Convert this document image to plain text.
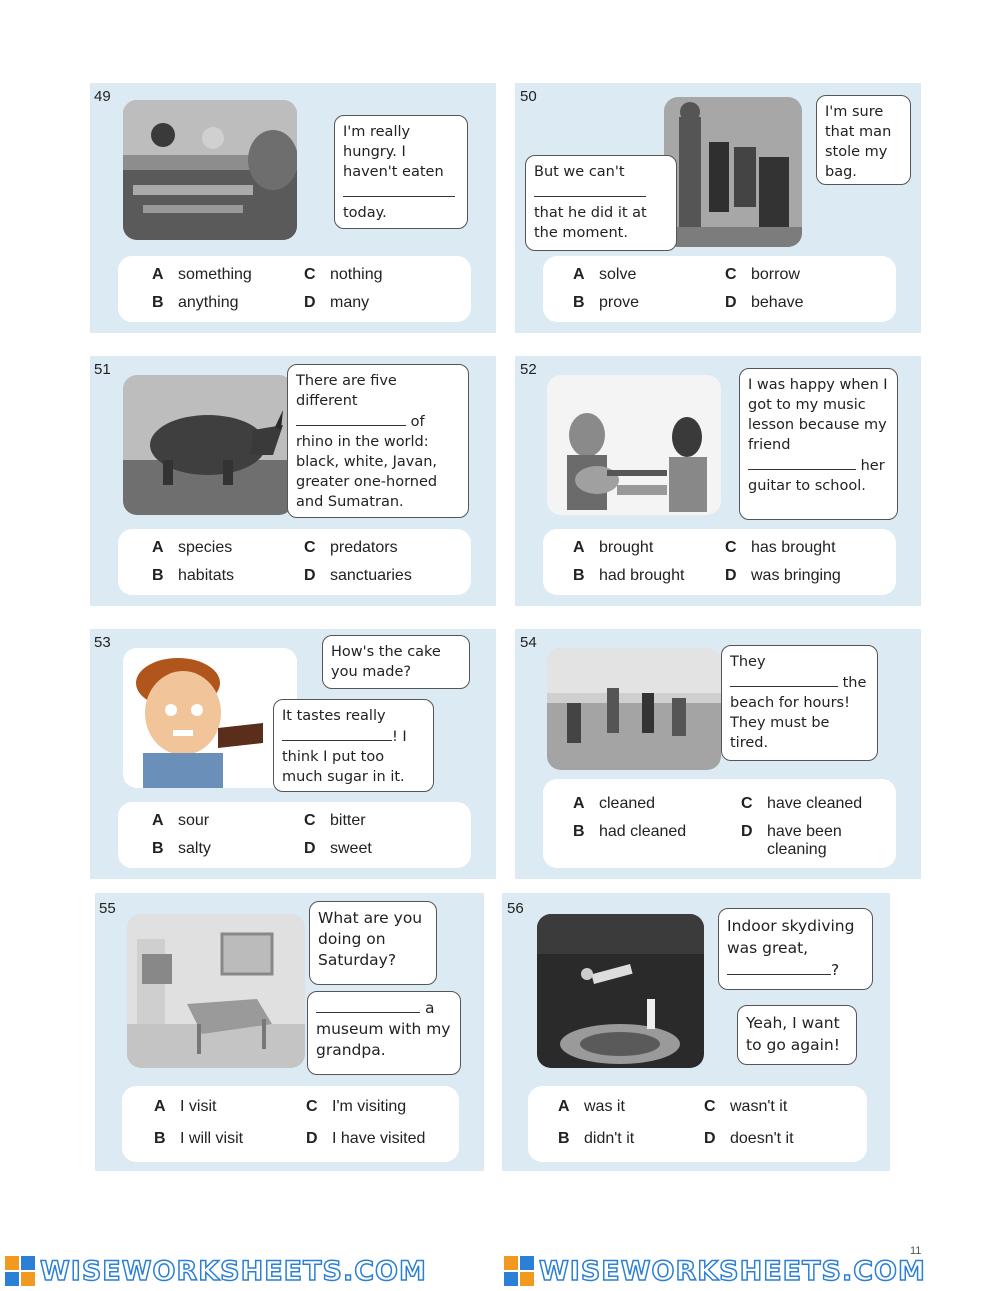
49
I'm really hungry. I haven't eaten

today.
A something	C nothing
B anything	D many
50
I'm sure that man stole my bag.
But we can't

that he did it at the moment.
A solve	C borrow
B prove	D behave
51
There are five different  of rhino in the world: black, white, Javan, greater one-horned and Sumatran.
A species	C predators
B habitats	D sanctuaries
52
I was happy when I got to my music lesson because my friend
her guitar to school.
A brought	C has brought
B had brought	D was bringing
53
How's the cake you made?
It tastes really
! I think I put too much sugar in it.
A sour	C bitter
B salty	D sweet
54
They
the beach for hours! They must be tired.
A cleaned	C have cleaned
B had cleaned	D have been cleaning
55
What are you doing on Saturday?
a museum with my grandpa.
A I visit	C I'm visiting
B I will visit	D I have visited
56
Indoor skydiving was great,
?
Yeah, I want to go again!
A was it	C wasn't it
B didn't it	D doesn't it
11
WISEWORKSHEETS.COM	WISEWORKSHEETS.COM
